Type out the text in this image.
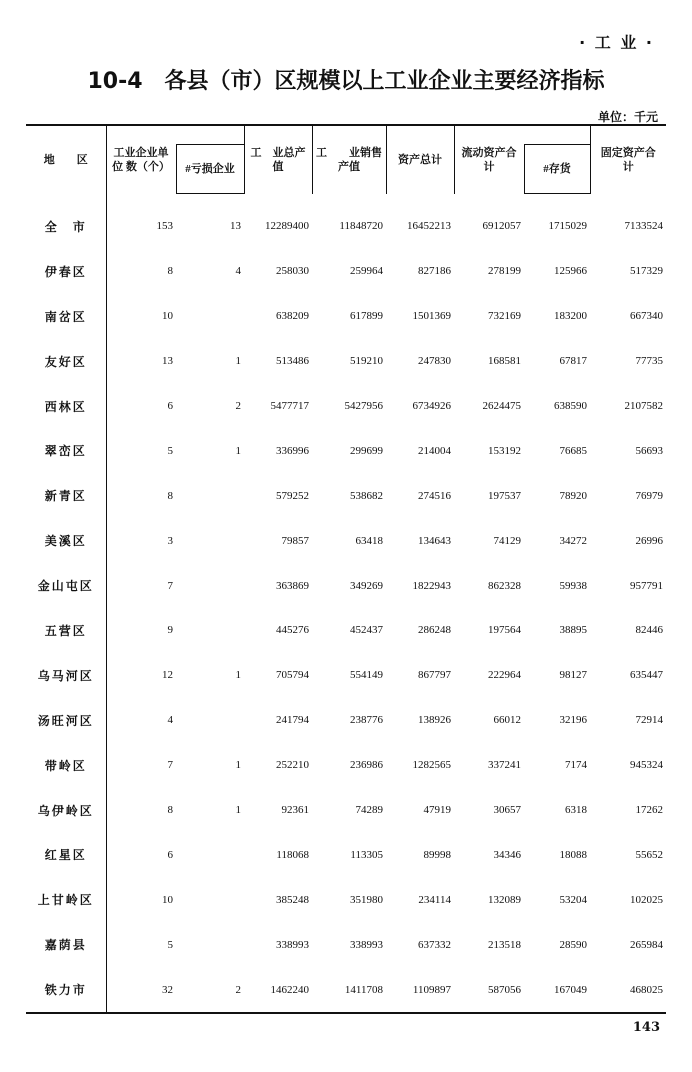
· 工 业 ·
10-4　各县（市）区规模以上工业企业主要经济指标
单位：千元
地　　区	工业企业单 位 数（个）		工　业总产值	工　　业销售产值	资产总计	流动资产合　　计		固定资产合　　计
		#亏损企业					#存货	
全　市	153	13	12289400	11848720	16452213	6912057	1715029	7133524
伊春区	8	4	258030	259964	827186	278199	125966	517329
南岔区	10		638209	617899	1501369	732169	183200	667340
友好区	13	1	513486	519210	247830	168581	67817	77735
西林区	6	2	5477717	5427956	6734926	2624475	638590	2107582
翠峦区	5	1	336996	299699	214004	153192	76685	56693
新青区	8		579252	538682	274516	197537	78920	76979
美溪区	3		79857	63418	134643	74129	34272	26996
金山屯区	7		363869	349269	1822943	862328	59938	957791
五营区	9		445276	452437	286248	197564	38895	82446
乌马河区	12	1	705794	554149	867797	222964	98127	635447
汤旺河区	4		241794	238776	138926	66012	32196	72914
带岭区	7	1	252210	236986	1282565	337241	7174	945324
乌伊岭区	8	1	92361	74289	47919	30657	6318	17262
红星区	6		118068	113305	89998	34346	18088	55652
上甘岭区	10		385248	351980	234114	132089	53204	102025
嘉荫县	5		338993	338993	637332	213518	28590	265984
铁力市	32	2	1462240	1411708	1109897	587056	167049	468025
143
